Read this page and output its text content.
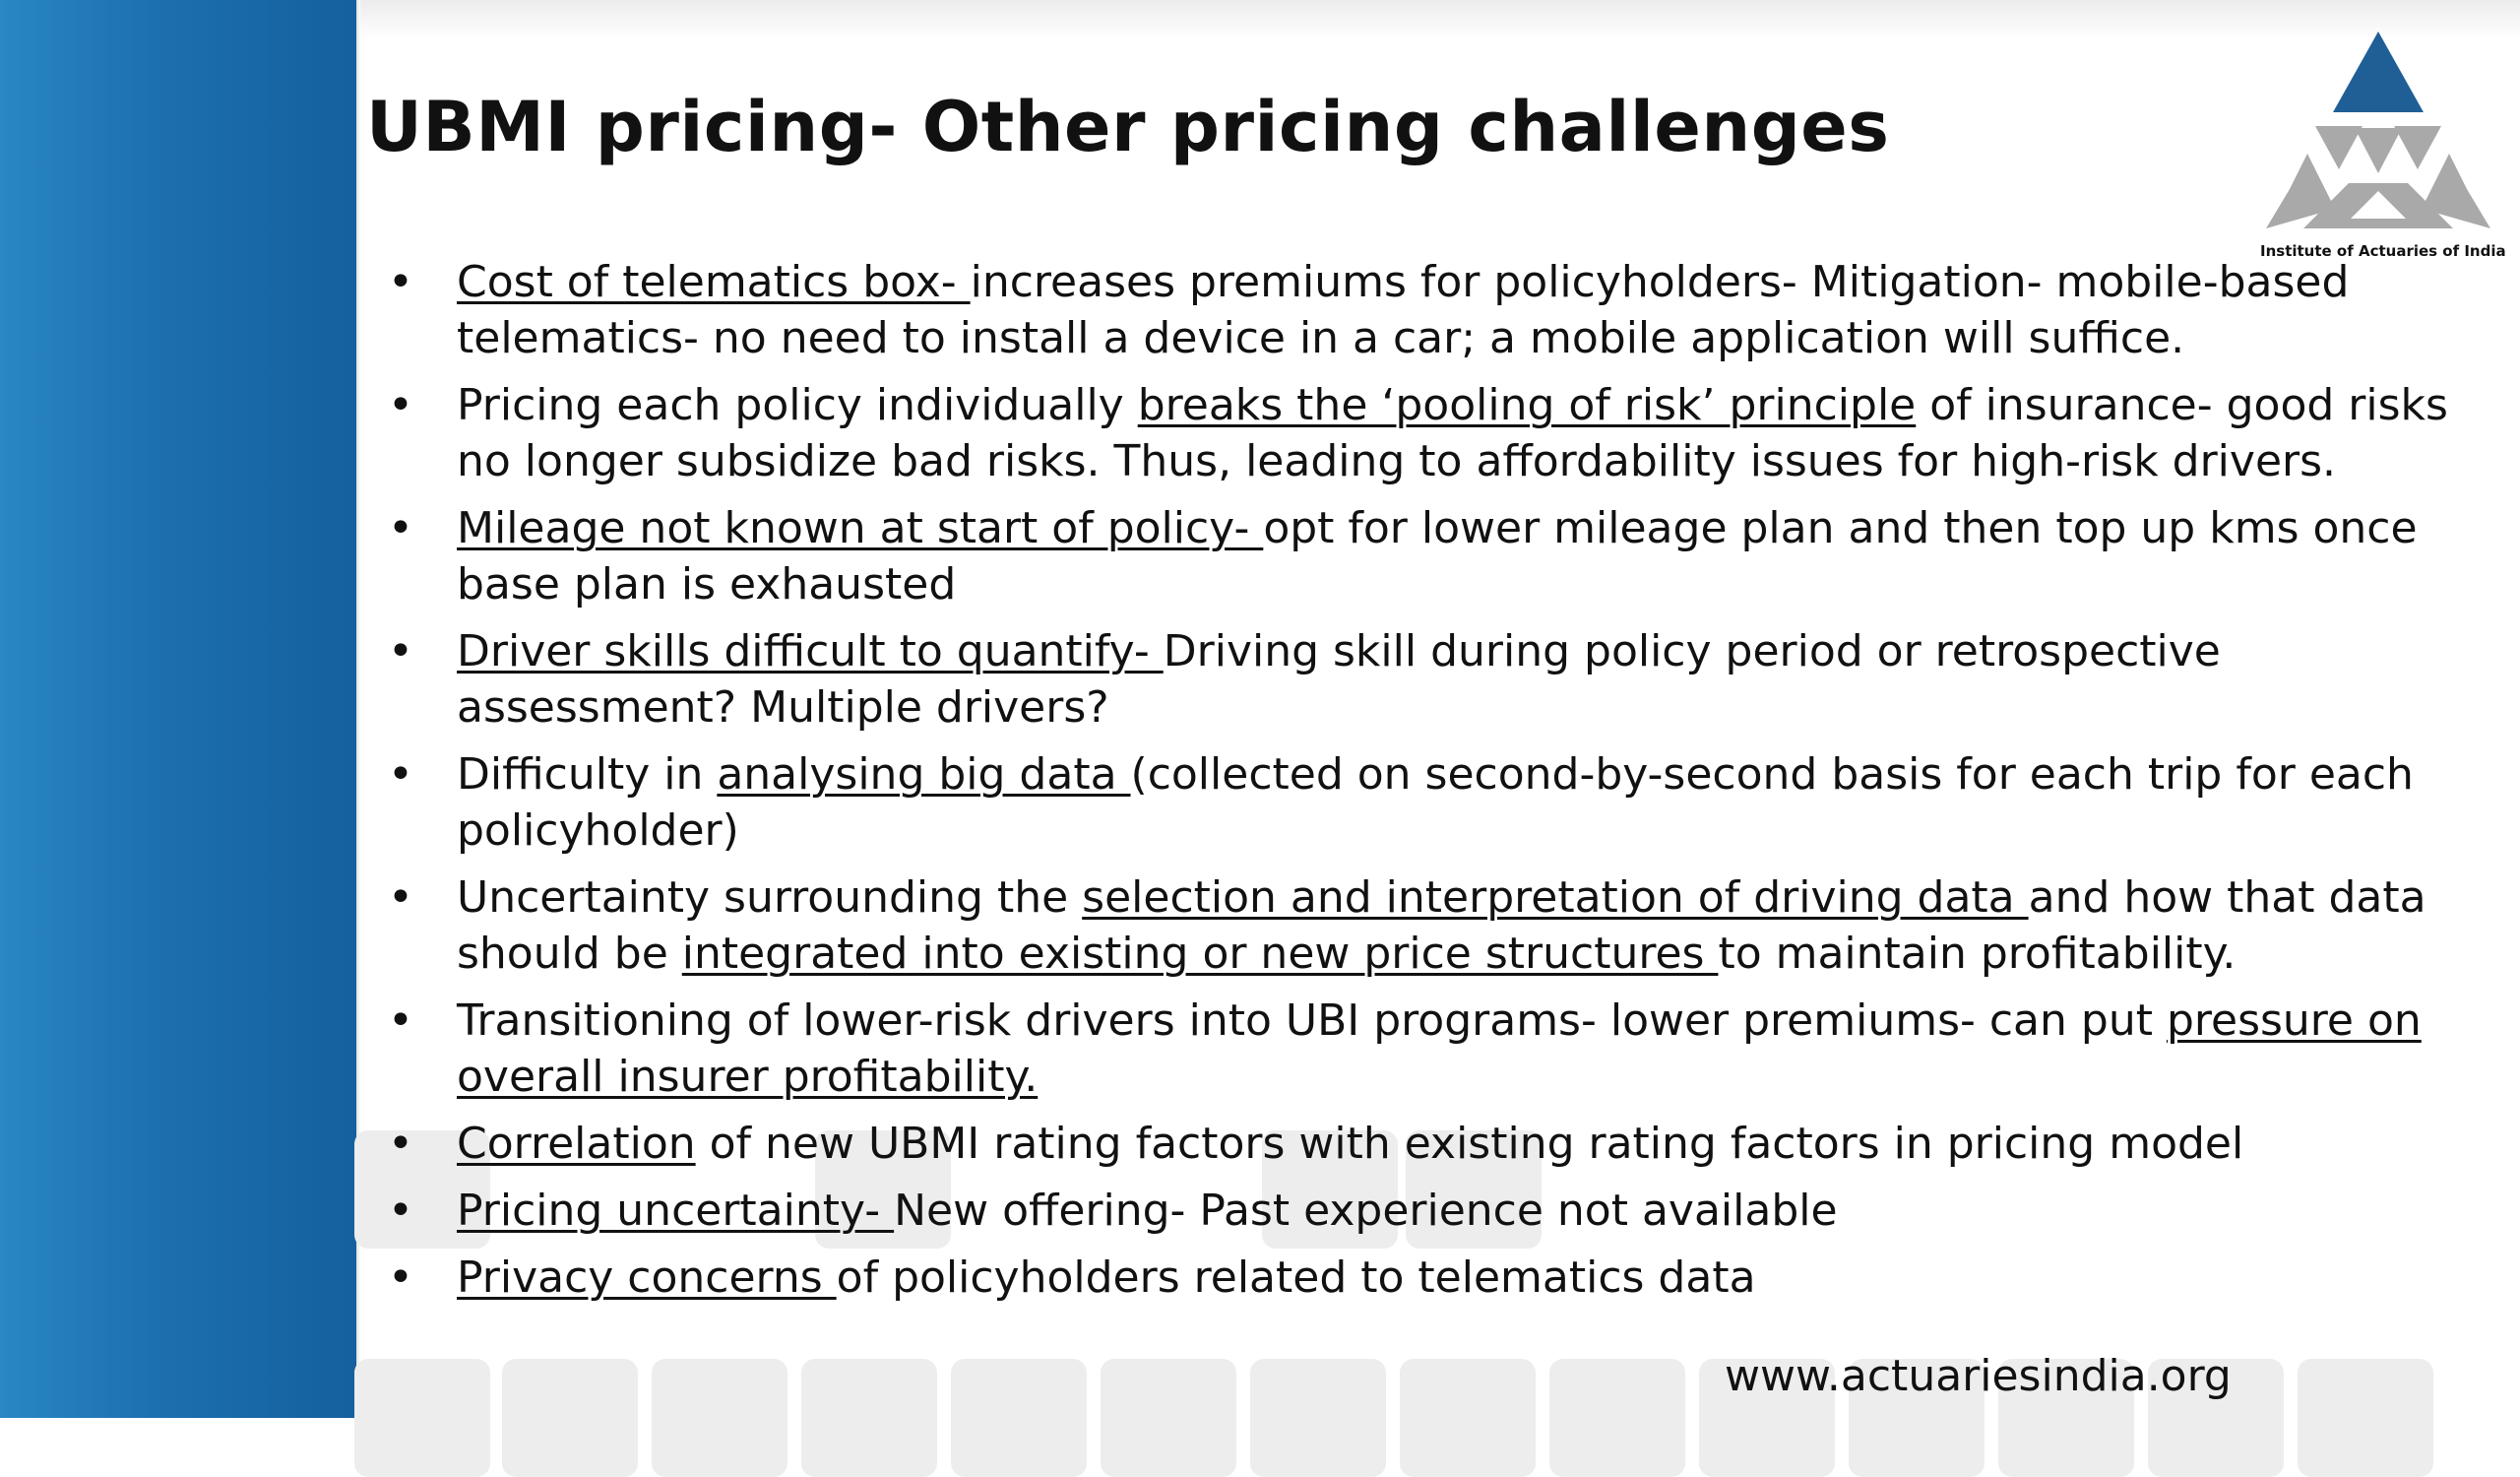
UBMI pricing- Other pricing challenges
Institute of Actuaries of India
• Cost of telematics box- increases premiums for policyholders- Mitigation- mobile-based telematics- no need to install a device in a car; a mobile application will suffice.
• Pricing each policy individually breaks the ‘pooling of risk’ principle of insurance- good risks no longer subsidize bad risks. Thus, leading to affordability issues for high-risk drivers.
• Mileage not known at start of policy- opt for lower mileage plan and then top up kms once base plan is exhausted
• Driver skills difficult to quantify- Driving skill during policy period or retrospective assessment? Multiple drivers?
• Difficulty in analysing big data (collected on second-by-second basis for each trip for each policyholder)
• Uncertainty surrounding the selection and interpretation of driving data and how that data should be integrated into existing or new price structures to maintain profitability.
• Transitioning of lower-risk drivers into UBI programs- lower premiums- can put pressure on overall insurer profitability.
• Correlation of new UBMI rating factors with existing rating factors in pricing model
• Pricing uncertainty- New offering- Past experience not available
• Privacy concerns of policyholders related to telematics data
www.actuariesindia.org
